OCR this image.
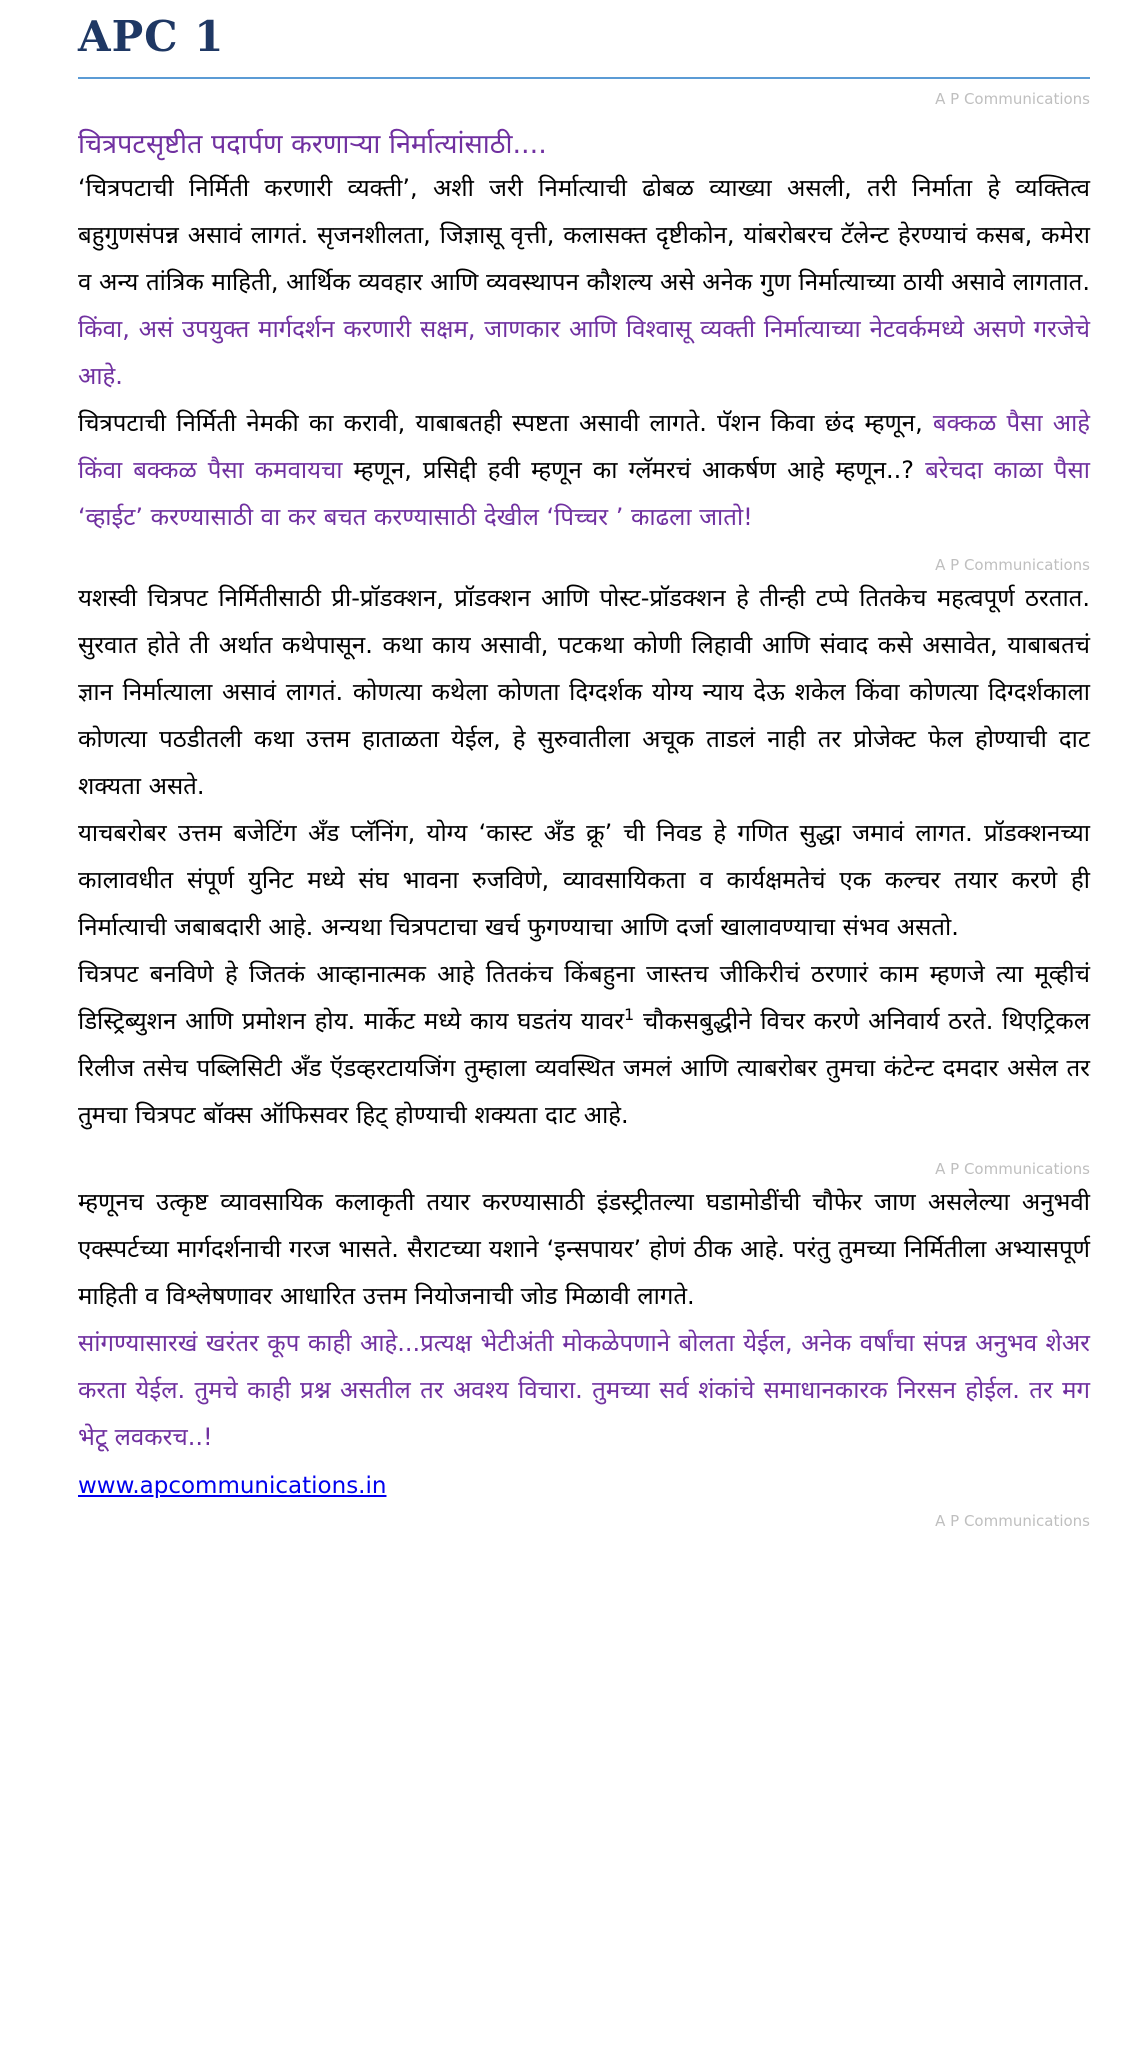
APC 1
A P Communications
चित्रपटसृष्टीत पदार्पण करणाऱ्या निर्मात्यांसाठी....

‘चित्रपटाची निर्मिती करणारी व्यक्ती’, अशी जरी निर्मात्याची ढोबळ व्याख्या असली, तरी निर्माता हे व्यक्तित्व बहुगुणसंपन्न असावं लागतं. सृजनशीलता, जिज्ञासू वृत्ती, कलासक्त दृष्टीकोन, यांबरोबरच टॅलेन्ट हेरण्याचं कसब, कमेरा व अन्य तांत्रिक माहिती, आर्थिक व्यवहार आणि व्यवस्थापन कौशल्य असे अनेक गुण निर्मात्याच्या ठायी असावे लागतात. किंवा, असं उपयुक्त मार्गदर्शन करणारी सक्षम, जाणकार आणि विश्वासू व्यक्ती निर्मात्याच्या नेटवर्कमध्ये असणे गरजेचे आहे.

चित्रपटाची निर्मिती नेमकी का करावी, याबाबतही स्पष्टता असावी लागते. पॅशन किवा छंद म्हणून, बक्कळ पैसा आहे किंवा बक्कळ पैसा कमवायचा म्हणून, प्रसिद्दी हवी म्हणून का ग्लॅमरचं आकर्षण आहे म्हणून..? बरेचदा काळा पैसा ‘व्हाईट’ करण्यासाठी वा कर बचत करण्यासाठी देखील ‘पिच्चर ’ काढला जातो!

A P Communications

यशस्वी चित्रपट निर्मितीसाठी प्री-प्रॉडक्शन, प्रॉडक्शन आणि पोस्ट-प्रॉडक्शन हे तीन्ही टप्पे तितकेच महत्वपूर्ण ठरतात. सुरवात होते ती अर्थात कथेपासून. कथा काय असावी, पटकथा कोणी लिहावी आणि संवाद कसे असावेत, याबाबतचं ज्ञान निर्मात्याला असावं लागतं. कोणत्या कथेला कोणता दिग्दर्शक योग्य न्याय देऊ शकेल किंवा कोणत्या दिग्दर्शकाला कोणत्या पठडीतली कथा उत्तम हाताळता येईल, हे सुरुवातीला अचूक ताडलं नाही तर प्रोजेक्ट फेल होण्याची दाट शक्यता असते.

याचबरोबर उत्तम बजेटिंग अँड प्लॅनिंग, योग्य ‘कास्ट अँड क्रू’ ची निवड हे गणित सुद्धा जमावं लागत. प्रॉडक्शनच्या कालावधीत संपूर्ण युनिट मध्ये संघ भावना रुजविणे, व्यावसायिकता व कार्यक्षमतेचं एक कल्चर तयार करणे ही निर्मात्याची जबाबदारी आहे. अन्यथा चित्रपटाचा खर्च फुगण्याचा आणि दर्जा खालावण्याचा संभव असतो.

चित्रपट बनविणे हे जितकं आव्हानात्मक आहे तितकंच किंबहुना जास्तच जीकिरीचं ठरणारं काम म्हणजे त्या मूव्हीचं डिस्ट्रिब्युशन आणि प्रमोशन होय. मार्केट मध्ये काय घडतंय यावर$^1$ चौकसबुद्धीने विचर करणे अनिवार्य ठरते. थिएट्रिकल रिलीज तसेच पब्लिसिटी अँड ऍडव्हरटायजिंग तुम्हाला व्यवस्थित जमलं आणि त्याबरोबर तुमचा कंटेन्ट दमदार असेल तर तुमचा चित्रपट बॉक्स ऑफिसवर हिट् होण्याची शक्यता दाट आहे.

A P Communications

म्हणूनच उत्कृष्ट व्यावसायिक कलाकृती तयार करण्यासाठी इंडस्ट्रीतल्या घडामोडींची चौफेर जाण असलेल्या अनुभवी एक्स्पर्टच्या मार्गदर्शनाची गरज भासते. सैराटच्या यशाने ‘इन्सपायर’ होणं ठीक आहे. परंतु तुमच्या निर्मितीला अभ्यासपूर्ण माहिती व विश्लेषणावर आधारित उत्तम नियोजनाची जोड मिळावी लागते.

सांगण्यासारखं खरंतर कूप काही आहे...प्रत्यक्ष भेटीअंती मोकळेपणाने बोलता येईल, अनेक वर्षांचा संपन्न अनुभव शेअर करता येईल. तुमचे काही प्रश्न असतील तर अवश्य विचारा. तुमच्या सर्व शंकांचे समाधानकारक निरसन होईल. तर मग भेटू लवकरच..!

www.apcommunications.in
A P Communications
